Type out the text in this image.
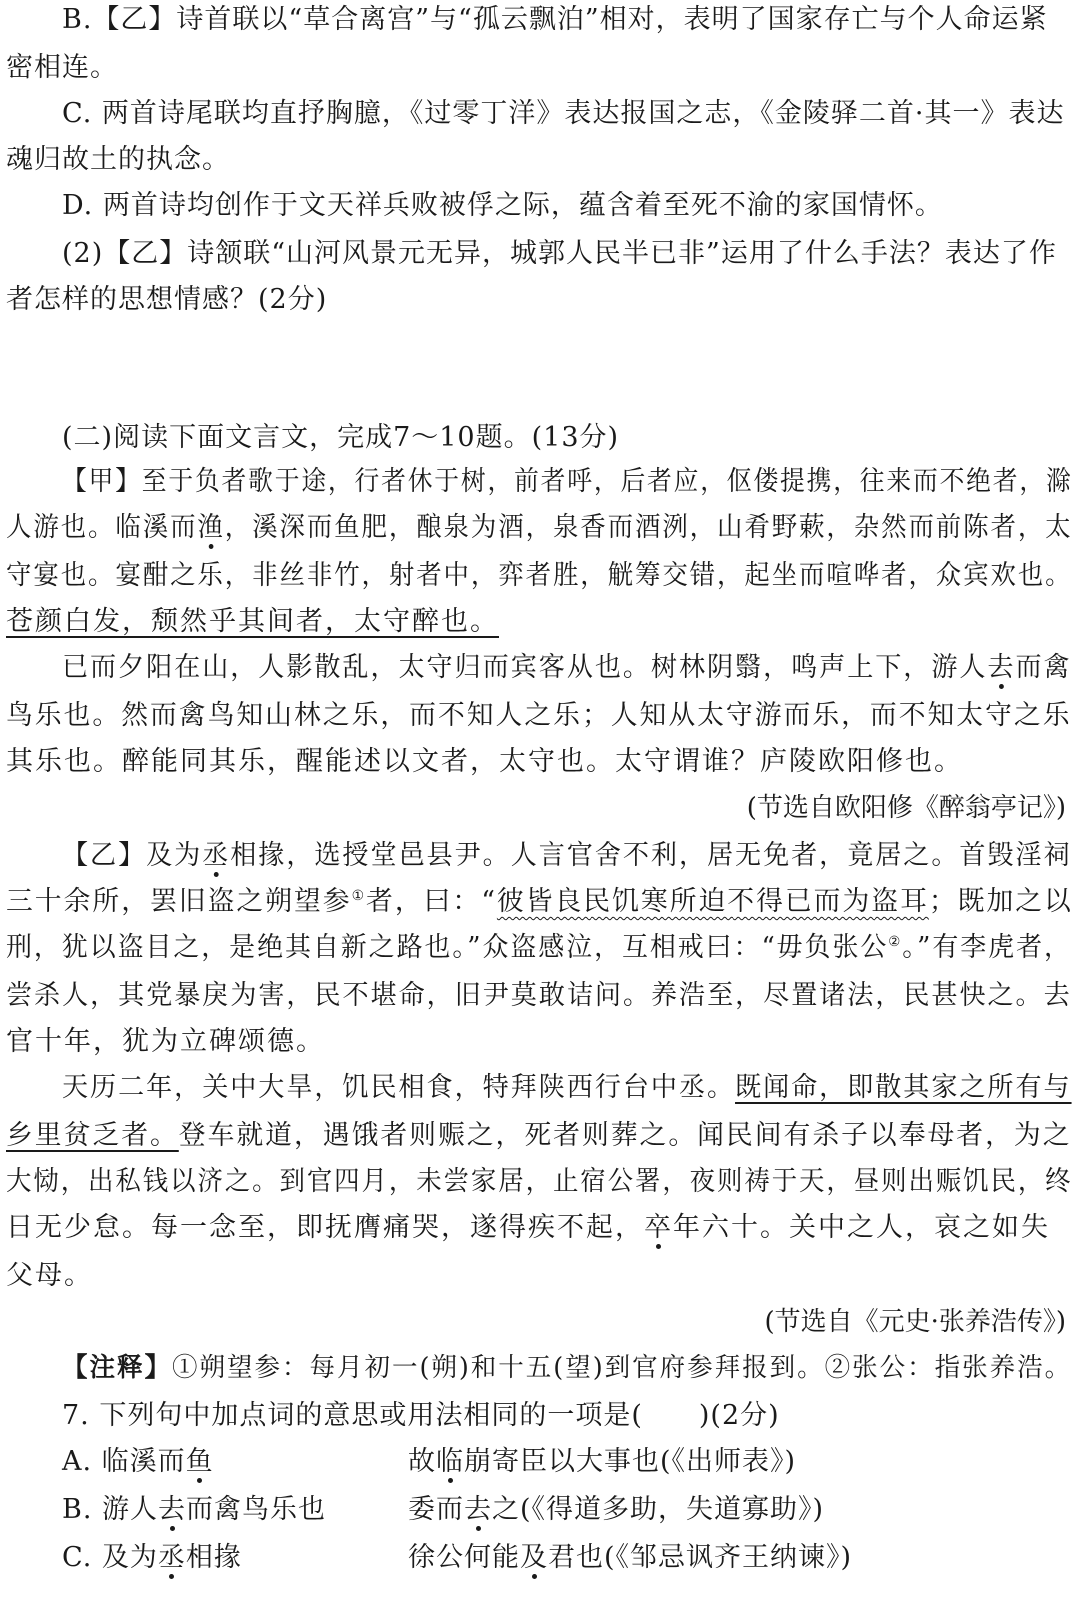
B.【乙】诗首联以“草合离宫”与“孤云飘泊”相对，表明了国家存亡与个人命运紧
密相连。
C. 两首诗尾联均直抒胸臆，《过零丁洋》表达报国之志，《金陵驿二首·其一》表达
魂归故土的执念。
D. 两首诗均创作于文天祥兵败被俘之际，蕴含着至死不渝的家国情怀。
(2)【乙】诗颔联“山河风景元无异，城郭人民半已非”运用了什么手法？表达了作
者怎样的思想情感？(2分)
(二)阅读下面文言文，完成7～10题。(13分)
【甲】至于负者歌于途，行者休于树，前者呼，后者应，伛偻提携，往来而不绝者，滁
人游也。临溪而渔，溪深而鱼肥，酿泉为酒，泉香而酒洌，山肴野蔌，杂然而前陈者，太
守宴也。宴酣之乐，非丝非竹，射者中，弈者胜，觥筹交错，起坐而喧哗者，众宾欢也。
苍颜白发，颓然乎其间者，太守醉也。
已而夕阳在山，人影散乱，太守归而宾客从也。树林阴翳，鸣声上下，游人去而禽
鸟乐也。然而禽鸟知山林之乐，而不知人之乐；人知从太守游而乐，而不知太守之乐
其乐也。醉能同其乐，醒能述以文者，太守也。太守谓谁？庐陵欧阳修也。
(节选自欧阳修《醉翁亭记》)
【乙】及为丞相掾，选授堂邑县尹。人言官舍不利，居无免者，竟居之。首毁淫祠
三十余所，罢旧盗之朔望参①者，曰：“彼皆良民饥寒所迫不得已而为盗耳；既加之以
刑，犹以盗目之，是绝其自新之路也。”众盗感泣，互相戒曰：“毋负张公②。”有李虎者，
尝杀人，其党暴戾为害，民不堪命，旧尹莫敢诘问。养浩至，尽置诸法，民甚快之。去
官十年，犹为立碑颂德。
天历二年，关中大旱，饥民相食，特拜陕西行台中丞。既闻命，即散其家之所有与
乡里贫乏者。登车就道，遇饿者则赈之，死者则葬之。闻民间有杀子以奉母者，为之
大恸，出私钱以济之。到官四月，未尝家居，止宿公署，夜则祷于天，昼则出赈饥民，终
日无少怠。每一念至，即抚膺痛哭，遂得疾不起，卒年六十。关中之人，哀之如失
父母。
(节选自《元史·张养浩传》)
【注释】①朔望参：每月初一(朔)和十五(望)到官府参拜报到。②张公：指张养浩。
7. 下列句中加点词的意思或用法相同的一项是(　　)(2分)
A. 临溪而鱼	故临崩寄臣以大事也(《出师表》)
B. 游人去而禽鸟乐也	委而去之(《得道多助，失道寡助》)
C. 及为丞相掾	徐公何能及君也(《邹忌讽齐王纳谏》)
